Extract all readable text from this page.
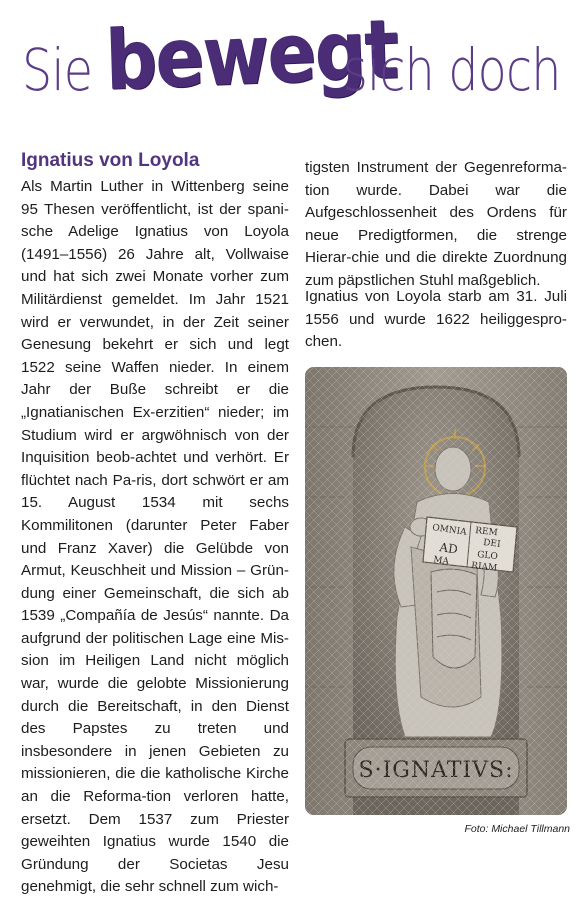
Sie bewegt
sich doch
Ignatius von Loyola

Als Martin Luther in Wittenberg seine 95 Thesen veröffentlicht, ist der spani-sche Adelige Ignatius von Loyola (1491–1556) 26 Jahre alt, Vollwaise und hat sich zwei Monate vorher zum Militärdienst gemeldet. Im Jahr 1521 wird er verwundet, in der Zeit seiner Genesung bekehrt er sich und legt 1522 seine Waffen nieder. In einem Jahr der Buße schreibt er die „Ignatianischen Ex-erzitien“ nieder; im Studium wird er argwöhnisch von der Inquisition beob-achtet und verhört. Er flüchtet nach Pa-ris, dort schwört er am 15. August 1534 mit sechs Kommilitonen (darunter Peter Faber und Franz Xaver) die Gelübde von Armut, Keuschheit und Mission – Grün-dung einer Gemeinschaft, die sich ab 1539 „Compañía de Jesús“ nannte. Da aufgrund der politischen Lage eine Mis-sion im Heiligen Land nicht möglich war, wurde die gelobte Missionierung durch die Bereitschaft, in den Dienst des Papstes zu treten und insbesondere in jenen Gebieten zu missionieren, die die katholische Kirche an die Reforma-tion verloren hatte, ersetzt. Dem 1537 zum Priester geweihten Ignatius wurde 1540 die Gründung der Societas Jesu genehmigt, die sehr schnell zum wich-

tigsten Instrument der Gegenreforma-tion wurde. Dabei war die Aufgeschlossenheit des Ordens für neue Predigtformen, die strenge Hierar-chie und die direkte Zuordnung zum päpstlichen Stuhl maßgeblich.

Ignatius von Loyola starb am 31. Juli 1556 und wurde 1622 heiliggespro-chen.

Foto: Michael Tillmann
